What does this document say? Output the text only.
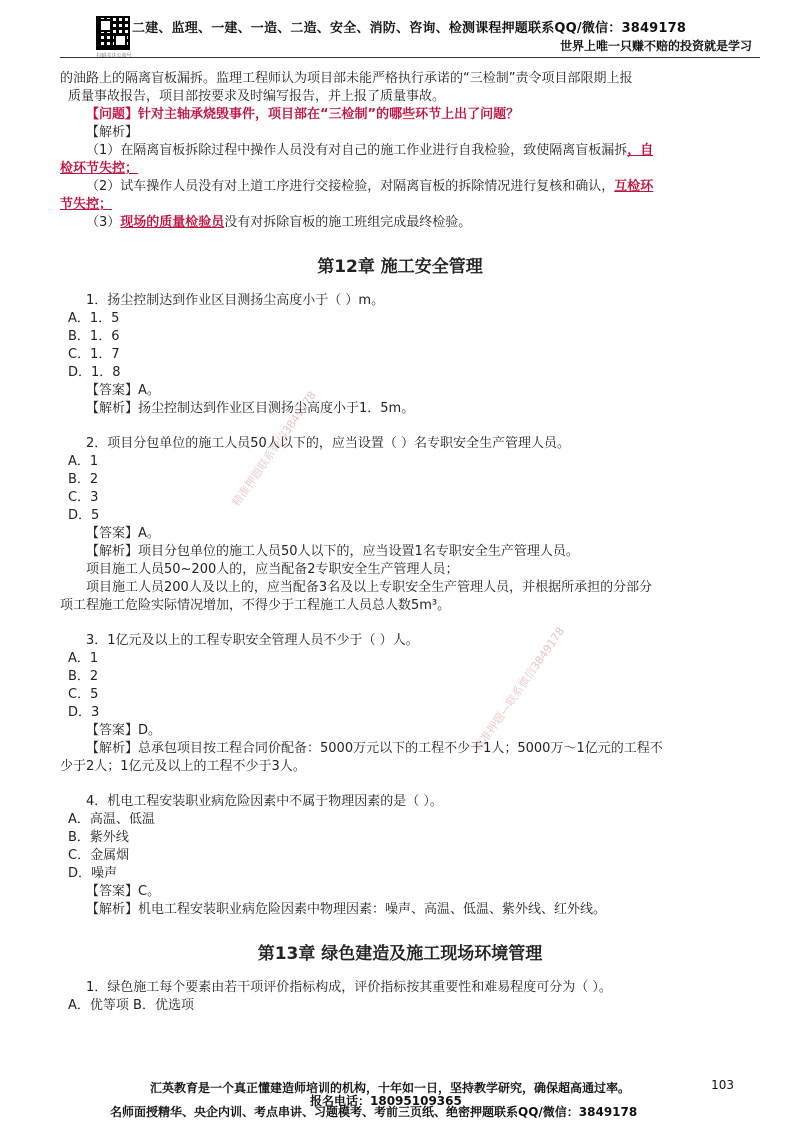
扫码关注公众号
二建、监理、一建、一造、二造、安全、消防、咨询、检测课程押题联系QQ/微信：3849178
世界上唯一只赚不赔的投资就是学习
精准押题联系微信3849178
精准押题—联系微信3849178

的油路上的隔离盲板漏拆。监理工程师认为项目部未能严格执行承诺的“三检制”责令项目部限期上报

质量事故报告，项目部按要求及时编写报告，并上报了质量事故。

【问题】针对主轴承烧毁事件，项目部在“三检制”的哪些环节上出了问题？

【解析】

（1）在隔离盲板拆除过程中操作人员没有对自己的施工作业进行自我检验，致使隔离盲板漏拆，自

检环节失控；

（2）试车操作人员没有对上道工序进行交接检验，对隔离盲板的拆除情况进行复核和确认，互检环

节失控；

（3）现场的质量检验员没有对拆除盲板的施工班组完成最终检验。

第12章 施工安全管理

1．扬尘控制达到作业区目测扬尘高度小于（ ）m。

A．1．5

B．1．6

C．1．7

D．1．8

【答案】A。

【解析】扬尘控制达到作业区目测扬尘高度小于1．5m。

2．项目分包单位的施工人员50人以下的，应当设置（ ）名专职安全生产管理人员。

A．1

B．2

C．3

D．5

【答案】A。

【解析】项目分包单位的施工人员50人以下的，应当设置1名专职安全生产管理人员。

项目施工人员50~200人的，应当配备2专职安全生产管理人员；

项目施工人员200人及以上的，应当配备3名及以上专职安全生产管理人员，并根据所承担的分部分

项工程施工危险实际情况增加，不得少于工程施工人员总人数5m³。

3．1亿元及以上的工程专职安全管理人员不少于（ ）人。

A．1

B．2

C．5

D．3

【答案】D。

【解析】总承包项目按工程合同价配备：5000万元以下的工程不少于1人；5000万～1亿元的工程不

少于2人；1亿元及以上的工程不少于3人。

4．机电工程安装职业病危险因素中不属于物理因素的是（ ）。

A．高温、低温

B．紫外线

C．金属烟

D．噪声

【答案】C。

【解析】机电工程安装职业病危险因素中物理因素：噪声、高温、低温、紫外线、红外线。

第13章 绿色建造及施工现场环境管理

1．绿色施工每个要素由若干项评价指标构成，评价指标按其重要性和难易程度可分为（ ）。

A．优等项 B．优选项

汇英教育是一个真正懂建造师培训的机构，十年如一日，坚持教学研究，确保超高通过率。	103
报名电话：18095109365
名师面授精华、央企内训、考点串讲、习题模考、考前三页纸、绝密押题联系QQ/微信：3849178
